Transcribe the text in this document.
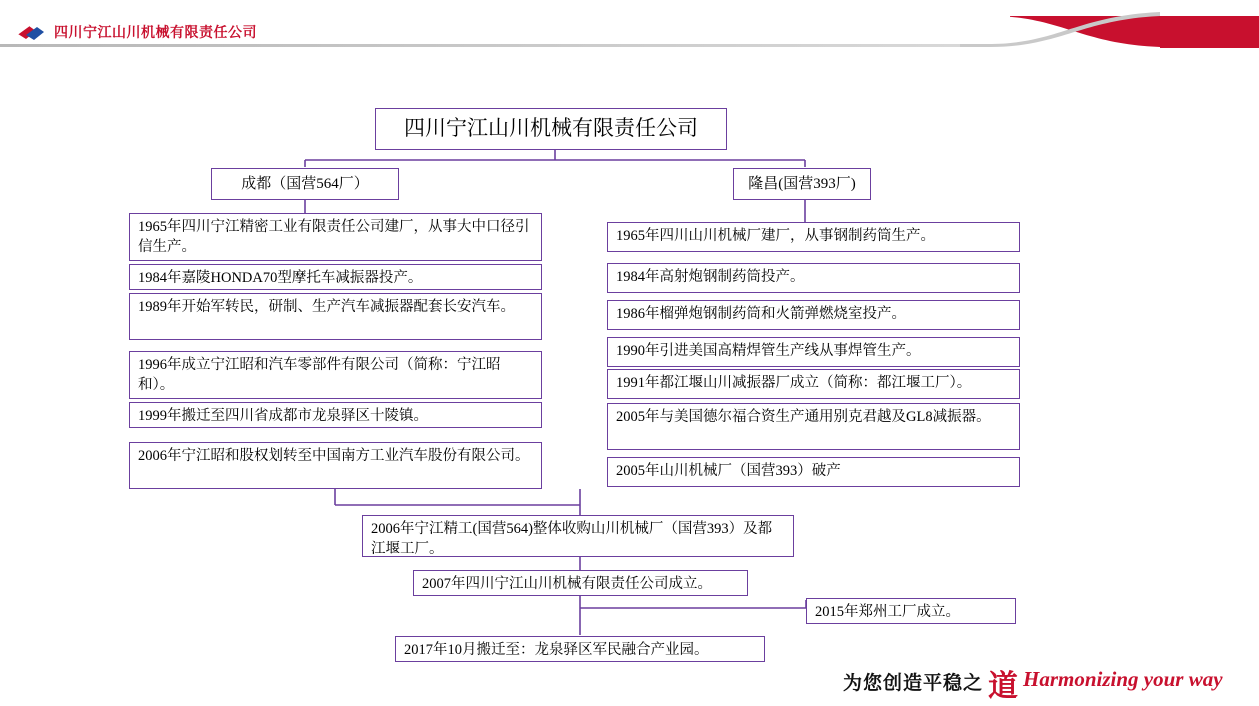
四川宁江山川机械有限责任公司
四川宁江山川机械有限责任公司
成都（国营564厂）	隆昌(国营393厂)
1965年四川宁江精密工业有限责任公司建厂，从事大中口径引信生产。
1984年嘉陵HONDA70型摩托车减振器投产。
1989年开始军转民，研制、生产汽车减振器配套长安汽车。
1996年成立宁江昭和汽车零部件有限公司（简称：宁江昭和）。
1999年搬迁至四川省成都市龙泉驿区十陵镇。
2006年宁江昭和股权划转至中国南方工业汽车股份有限公司。
1965年四川山川机械厂建厂，从事钢制药筒生产。
1984年高射炮钢制药筒投产。
1986年榴弹炮钢制药筒和火箭弹燃烧室投产。
1990年引进美国高精焊管生产线从事焊管生产。
1991年都江堰山川减振器厂成立（简称：都江堰工厂）。
2005年与美国德尔福合资生产通用别克君越及GL8减振器。
2005年山川机械厂（国营393）破产
2006年宁江精工(国营564)整体收购山川机械厂（国营393）及都江堰工厂。
2007年四川宁江山川机械有限责任公司成立。
2017年10月搬迁至：龙泉驿区军民融合产业园。
2015年郑州工厂成立。
为您创造平稳之 道 Harmonizing your way
